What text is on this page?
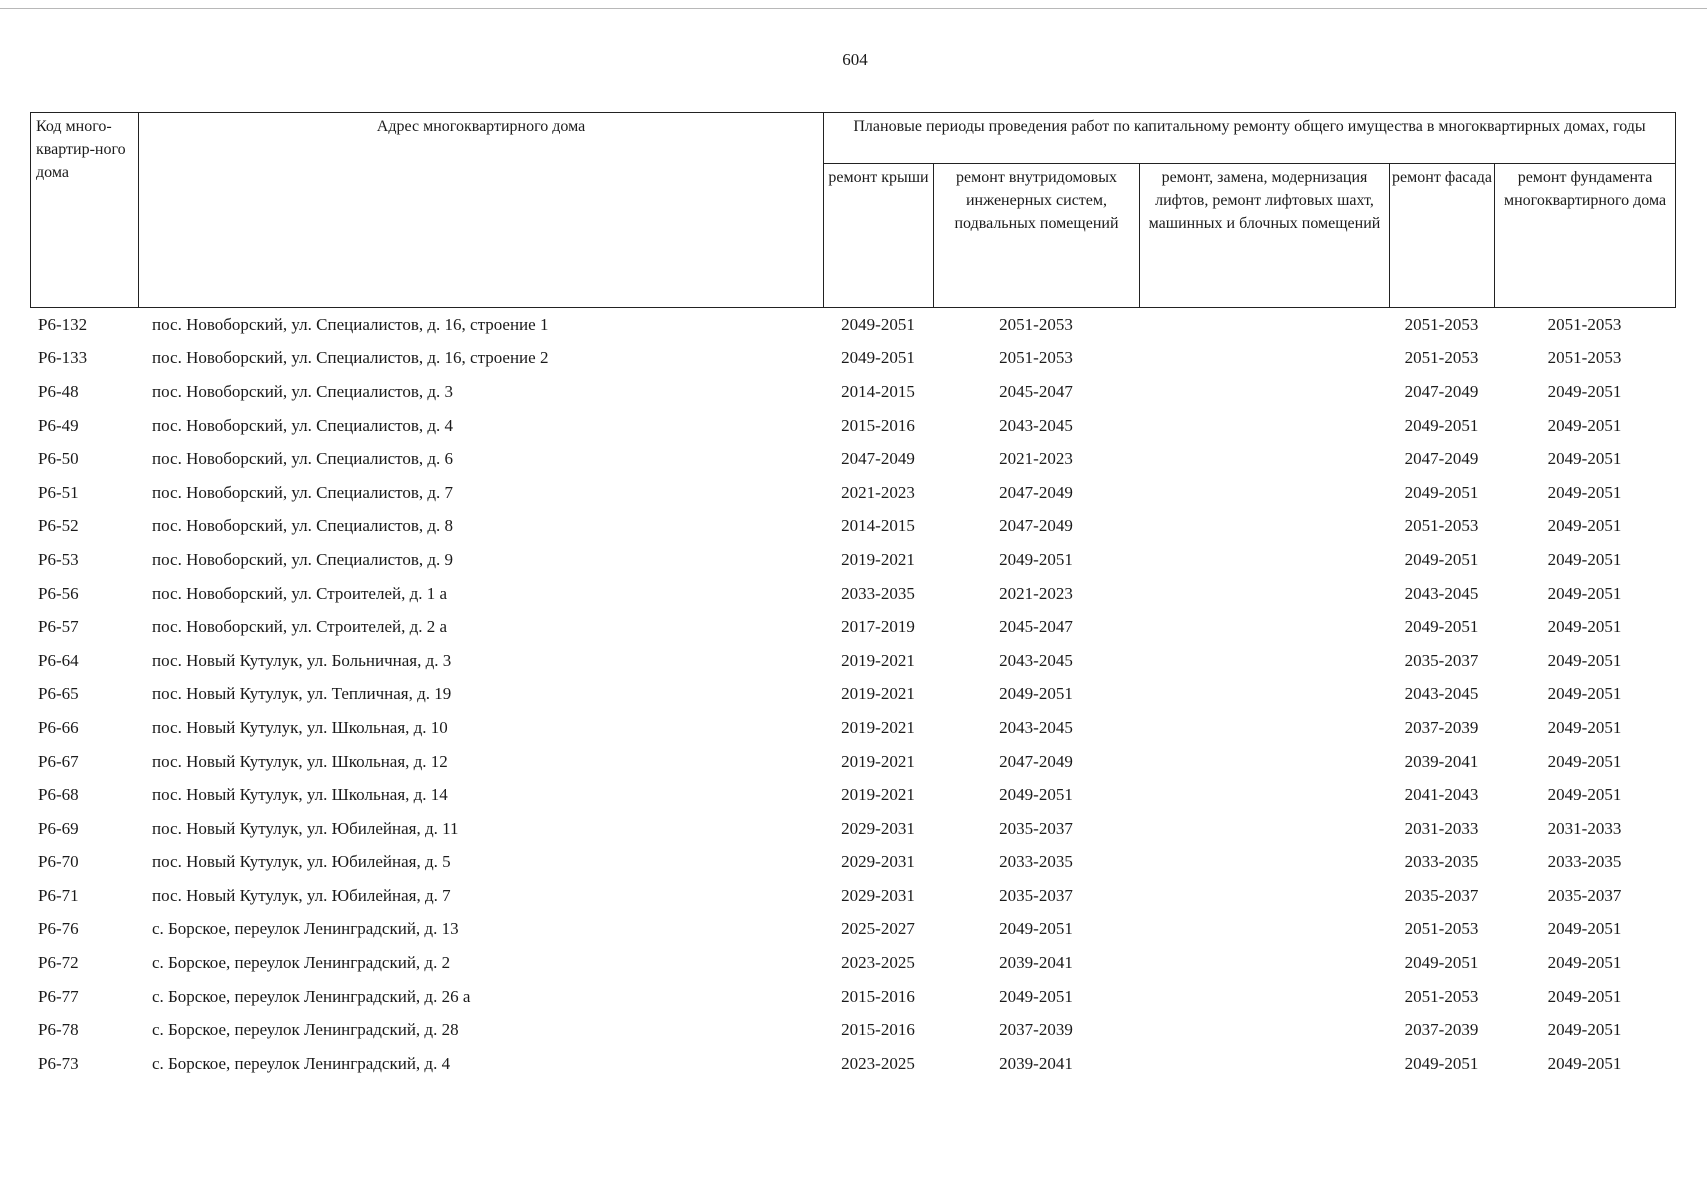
604
Код много-квартир-ного дома	Адрес многоквартирного дома	Плановые периоды проведения работ по капитальному ремонту общего имущества в многоквартирных домах, годы				
		ремонт крыши	ремонт внутридомовых инженерных систем, подвальных помещений	ремонт, замена, модернизация лифтов, ремонт лифтовых шахт, машинных и блочных помещений	ремонт фасада	ремонт фундамента многоквартирного дома
Р6-132	пос. Новоборский, ул. Специалистов, д. 16, строение 1	2049-2051	2051-2053		2051-2053	2051-2053
Р6-133	пос. Новоборский, ул. Специалистов, д. 16, строение 2	2049-2051	2051-2053		2051-2053	2051-2053
Р6-48	пос. Новоборский, ул. Специалистов, д. 3	2014-2015	2045-2047		2047-2049	2049-2051
Р6-49	пос. Новоборский, ул. Специалистов, д. 4	2015-2016	2043-2045		2049-2051	2049-2051
Р6-50	пос. Новоборский, ул. Специалистов, д. 6	2047-2049	2021-2023		2047-2049	2049-2051
Р6-51	пос. Новоборский, ул. Специалистов, д. 7	2021-2023	2047-2049		2049-2051	2049-2051
Р6-52	пос. Новоборский, ул. Специалистов, д. 8	2014-2015	2047-2049		2051-2053	2049-2051
Р6-53	пос. Новоборский, ул. Специалистов, д. 9	2019-2021	2049-2051		2049-2051	2049-2051
Р6-56	пос. Новоборский, ул. Строителей, д. 1 а	2033-2035	2021-2023		2043-2045	2049-2051
Р6-57	пос. Новоборский, ул. Строителей, д. 2 а	2017-2019	2045-2047		2049-2051	2049-2051
Р6-64	пос. Новый Кутулук, ул. Больничная, д. 3	2019-2021	2043-2045		2035-2037	2049-2051
Р6-65	пос. Новый Кутулук, ул. Тепличная, д. 19	2019-2021	2049-2051		2043-2045	2049-2051
Р6-66	пос. Новый Кутулук, ул. Школьная, д. 10	2019-2021	2043-2045		2037-2039	2049-2051
Р6-67	пос. Новый Кутулук, ул. Школьная, д. 12	2019-2021	2047-2049		2039-2041	2049-2051
Р6-68	пос. Новый Кутулук, ул. Школьная, д. 14	2019-2021	2049-2051		2041-2043	2049-2051
Р6-69	пос. Новый Кутулук, ул. Юбилейная, д. 11	2029-2031	2035-2037		2031-2033	2031-2033
Р6-70	пос. Новый Кутулук, ул. Юбилейная, д. 5	2029-2031	2033-2035		2033-2035	2033-2035
Р6-71	пос. Новый Кутулук, ул. Юбилейная, д. 7	2029-2031	2035-2037		2035-2037	2035-2037
Р6-76	с. Борское, переулок Ленинградский, д. 13	2025-2027	2049-2051		2051-2053	2049-2051
Р6-72	с. Борское, переулок Ленинградский, д. 2	2023-2025	2039-2041		2049-2051	2049-2051
Р6-77	с. Борское, переулок Ленинградский, д. 26 а	2015-2016	2049-2051		2051-2053	2049-2051
Р6-78	с. Борское, переулок Ленинградский, д. 28	2015-2016	2037-2039		2037-2039	2049-2051
Р6-73	с. Борское, переулок Ленинградский, д. 4	2023-2025	2039-2041		2049-2051	2049-2051
